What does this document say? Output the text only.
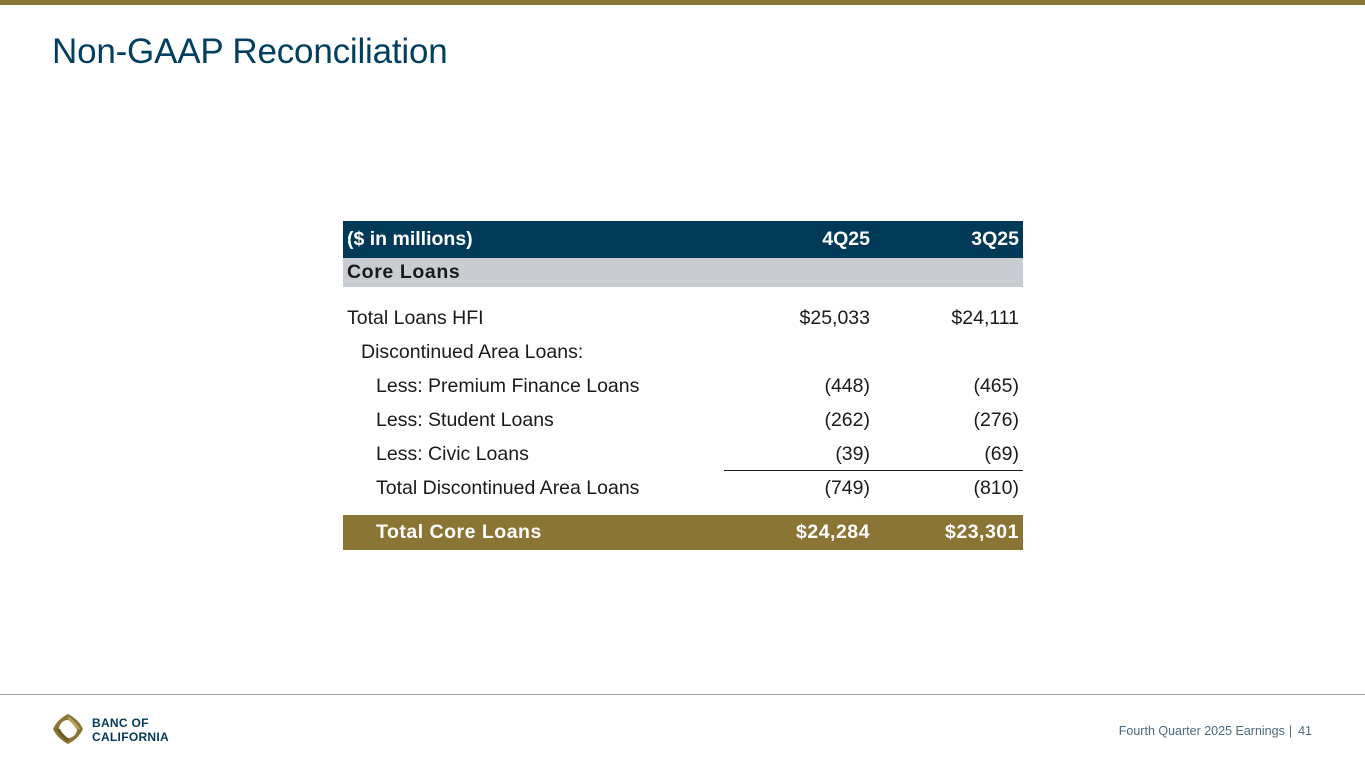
Non-GAAP Reconciliation
($ in millions)	4Q25	3Q25
Core Loans
Total Loans HFI	$25,033	$24,111
Discontinued Area Loans:
Less: Premium Finance Loans	(448)	(465)
Less: Student Loans	(262)	(276)
Less: Civic Loans	(39)	(69)
Total Discontinued Area Loans	(749)	(810)
Total Core Loans	$24,284	$23,301
BANC OF
CALIFORNIA	Fourth Quarter 2025 Earnings | 41
